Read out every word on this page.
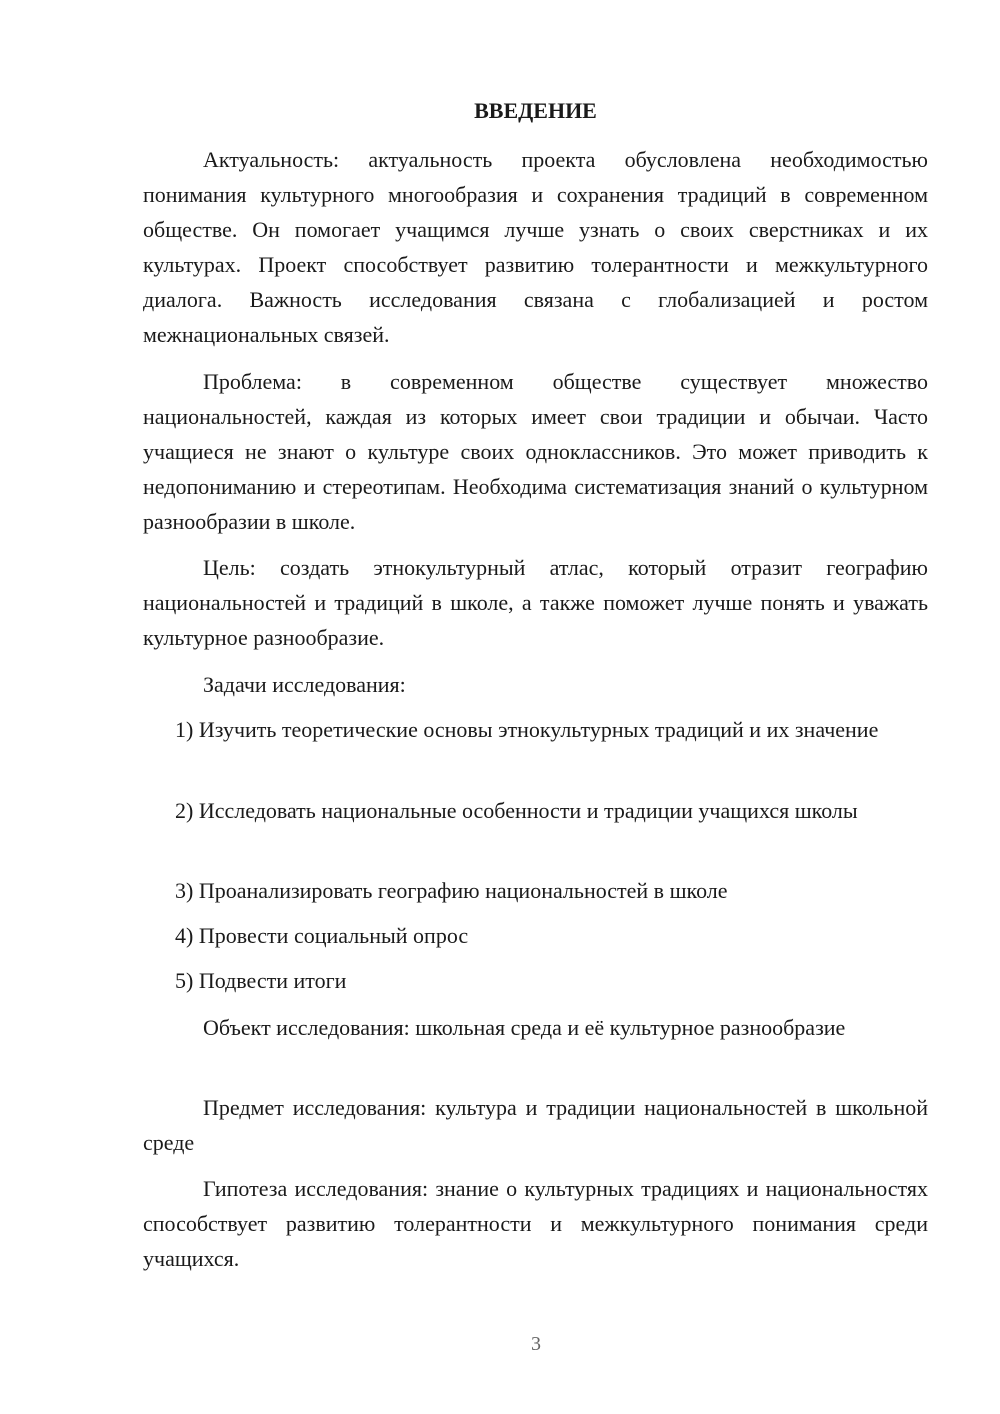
ВВЕДЕНИЕ

Актуальность: актуальность проекта обусловлена необходимостью понимания культурного многообразия и сохранения традиций в современном обществе. Он помогает учащимся лучше узнать о своих сверстниках и их культурах. Проект способствует развитию толерантности и межкультурного диалога. Важность исследования связана с глобализацией и ростом межнациональных связей.

Проблема: в современном обществе существует множество национальностей, каждая из которых имеет свои традиции и обычаи. Часто учащиеся не знают о культуре своих одноклассников. Это может приводить к недопониманию и стереотипам. Необходима систематизация знаний о культурном разнообразии в школе.

Цель: создать этнокультурный атлас, который отразит географию национальностей и традиций в школе, а также поможет лучше понять и уважать культурное разнообразие.

Задачи исследования:

1) Изучить теоретические основы этнокультурных традиций и их значение

2) Исследовать национальные особенности и традиции учащихся школы

3) Проанализировать географию национальностей в школе

4) Провести социальный опрос

5) Подвести итоги

Объект исследования: школьная среда и её культурное разнообразие

Предмет исследования: культура и традиции национальностей в школьной среде

Гипотеза исследования: знание о культурных традициях и национальностях способствует развитию толерантности и межкультурного понимания среди учащихся.

3
